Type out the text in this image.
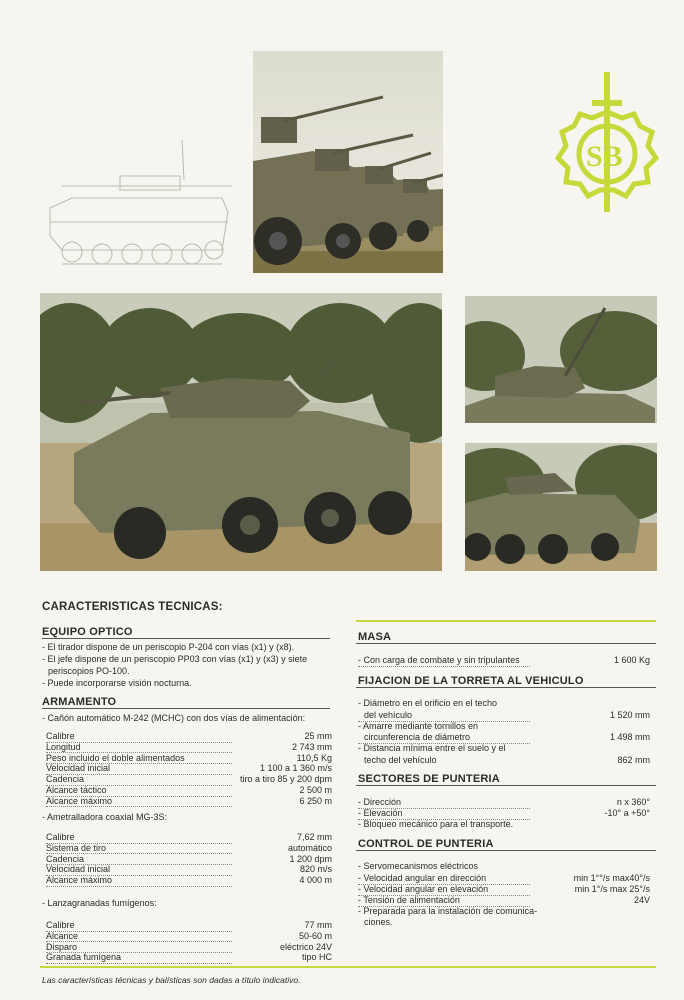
SB
CARACTERISTICAS TECNICAS:
EQUIPO OPTICO
- El tirador dispone de un periscopio P-204 con vías (x1) y (x8).
- El jefe dispone de un periscopio PP03 con vías (x1) y (x3) y siete
periscopios PO-100.
- Puede incorporarse visión nocturna.
ARMAMENTO
- Cañón automático M-242 (MCHC) con dos vías de alimentación:
Calibre	25 mm
Longitud	2 743 mm
Peso incluido el doble alimentados	110,5 Kg
Velocidad inicial	1 100 a 1 360 m/s
Cadencia	tiro a tiro 85 y 200 dpm
Alcance táctico	2 500 m
Alcance máximo	6 250 m
- Ametralladora coaxial MG-3S:
Calibre	7,62 mm
Sistema de tiro	automático
Cadencia	1 200 dpm
Velocidad inicial	820 m/s
Alcance máximo	4 000 m
- Lanzagranadas fumígenos:
Calibre	77 mm
Alcance	50-60 m
Disparo	eléctrico 24V
Granada fumígena	tipo HC
Las características técnicas y balísticas son dadas a título indicativo.
MASA
- Con carga de combate y sin tripulantes	1 600 Kg
FIJACION DE LA TORRETA AL VEHICULO
- Diámetro en el orificio en el techo
del vehículo	1 520 mm
- Amarre mediante tornillos en
circunferencia de diámetro	1 498 mm
- Distancia mínima entre el suelo y el
techo del vehículo	862 mm
SECTORES DE PUNTERIA
- Dirección	n x 360°
- Elevación	-10° a +50°
- Bloqueo mecánico para el transporte.
CONTROL DE PUNTERIA
- Servomecanismos eléctricos
- Velocidad angular en dirección	min 1°°/s max40°/s
- Velocidad angular en elevación	min 1°/s max 25°/s
- Tensión de alimentación	24V
- Preparada para la instalación de comunica-
ciones.
